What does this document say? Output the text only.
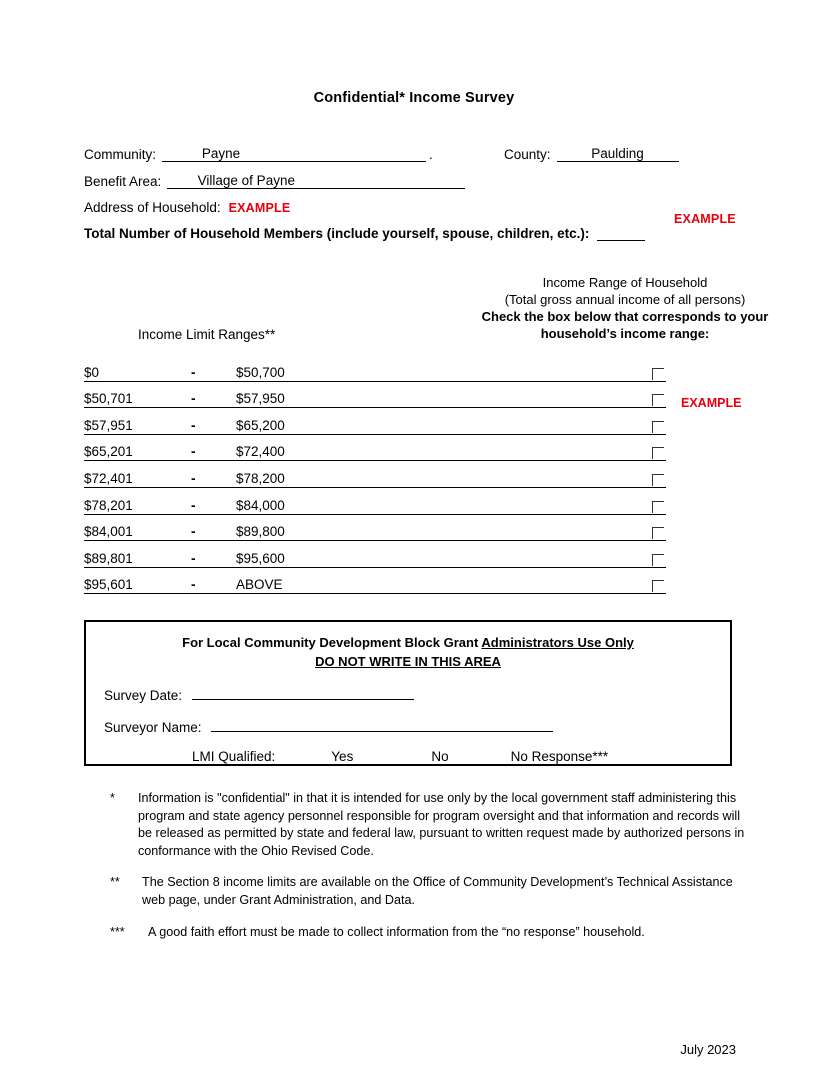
Confidential* Income Survey
Community:	Payne	.	County:	Paulding
Benefit Area:	Village of Payne
Address of Household: EXAMPLE
Total Number of Household Members (include yourself, spouse, children, etc.):
EXAMPLE
Income Range of Household
(Total gross annual income of all persons)
Check the box below that corresponds to your
household’s income range:
Income Limit Ranges**
$0	-	$50,700
$50,701	-	$57,950
$57,951	-	$65,200
$65,201	-	$72,400
$72,401	-	$78,200
$78,201	-	$84,000
$84,001	-	$89,800
$89,801	-	$95,600
$95,601	-	ABOVE
EXAMPLE
For Local Community Development Block Grant Administrators Use Only
DO NOT WRITE IN THIS AREA
Survey Date:
Surveyor Name:
LMI Qualified:	Yes	No	No Response***
* Information is "confidential" in that it is intended for use only by the local government staff administering this program and state agency personnel responsible for program oversight and that information and records will be released as permitted by state and federal law, pursuant to written request made by authorized persons in conformance with the Ohio Revised Code.
** The Section 8 income limits are available on the Office of Community Development’s Technical Assistance web page, under Grant Administration, and Data.
*** A good faith effort must be made to collect information from the “no response” household.
July 2023
